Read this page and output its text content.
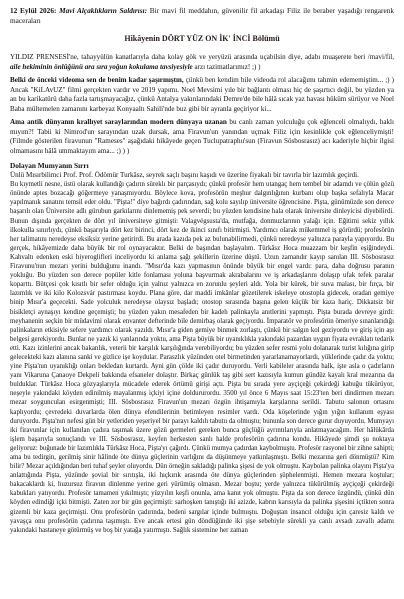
12 Eylül 2026: Mavi Alçaklıkların Saldırısı: Bir mavi fil meddahın, güvenilir fil arkadaşı Filiz ile beraber yaşadığı rengarenk maceraları

Hikâyenin DÖRT YÜZ ON İK' İNCİ Bölümü

YILDIZ PRENSESİ'ne, tahayyülün kanatlarıyla daha kolay gök ve yeryüzü arasında uçabilsin diye, adabı muaşerete beri /mavi/fil, aile hekiminin önlüğünü ara sıra yoğun kokulama tavsiyesiyle arzı tazimatlarımız! ;) )

Belki de önceki videoma sen de benim kadar şaşırmıştın, çünkü ben kendim bile videoda rol alacağımı tahmin edememiştim... ;) ) Ancak "KiLAvUZ" filmi gerçekten vardır ve 2019 yapımı. Noel Mevsimi yıle bir bağlantı olması hiç de şaşırtıcı değil, bu yüzden ya an bu karikatürü daha fazla tartışmayacağız, çünkü Antalya yakınlarındaki Demre'de bile hâlâ sıcak yaz havası hüküm sürüyor ve Noel Baba mültemelen zamanını karbeyaz Konyaaltı Sahili'nde buz gibi bir ayranla geçiriyor ki...

Ama antik dünyanın krallıyet saraylarından modern dünyaya uzanan bu canlı zaman yolculuğu çok eğlenceli olmalıydı, haklı mıyım?! Tabii ki Nimrod'un sarayından uzak dursak, ama Firavun'un yanından uçmak Filiz için kesinlikle çok eğlenceliymişti! (Filmde gösterilen firavunun "Rameses" aşağıdaki hikâyede geçen Tuclupatraphu'sun (Firavun Sösbosrasız) acı kaderiyle hiçbir ilgisi olmamasını hâlâ ummaktayım ama... ;) ) )

Dolayan Mumyanın Sırrı

Ünlü Mısırbilimci Prof. Prof. Ödömür Turkâsz, seyrek saçlı başını kaşıdı ve üzerine fiyakalı bir tavırla bir lazımlık geçirdi.

Bu kıymetli nesne, üstü olarak kullandığı çadırın süreklı bir parçasıydı; çünkü profesör hem utangaç hem tembel bir adamdı ve çölün gözü önünde aptes bozacağı göğermeye yanaşmıyordu. Böylece kova, profesörün meşhur dalgınlığının kurbanı olup başka sefalıyla Macar yapılmanık sanatını temsil eder oldu. "Pişta!" diye bağırdı çadırından, sağ kolu sayılıp üniversite öğrencisine. Pişta, günümüzde son derece başarılı olan Üniversite adlı gürubun garkılarını dinlememiş pek severdi; bu yüzden kendisine hala olarak üniversite dinleyicisi diyebilirdi. Bunun dışında gerçekten de dört yıl üniversiteye gitmişti: Valagvégsusta'da, mutfağa, donmuzlarının yalağı için. Eğitimi sekiz yıllık ilkokulla sınırlıydı, çünkü başarıyla dört kez birinci, dört kez de ikinci sınıfı bitirmişti. Yardımcı olarak mükemmel iş görürdü; profesörün her talimatını neredeyse eksiksiz yerine getirirdi. Bu arada kazıda pek az bulunabilirmedi, çünkü neredeyse yalnızca parayla yapıyordu. Bu gerçek, hikâyemizde daha büyük bir rol oynayacaktır. Belki de başından başlayalım. Türkâsz Hoca muazzam bir keşfin eşiğindeydi. Kahvaltı edenken eski hiyeroglifleri inceliyordu ki anlama şağı şekillerin üzerine düştü. Uzun zamandır kayıp sanılan III. Sösbosrasız Firavunu'nun mezarı yerini bulduğunu inandı. "Mısır'da kazı yapmasının önünde büyük bir engel vardı: para, daha doğrusu paranın yokluğu. Bu yüzden son derece popüler kitle fonlaması yoluna başvurmak akrabalarını ve iş arkadaşlarını dolaşıp ufak tefek paralar koparttı. Bütçesi çok kısıtlı bir sefer olduğu için yalnız yalnızca en zorunlu şeyleri aldı. Yola bir kürek, bir suva malası, bir fırça, bir lazımlık ve iki kilo Kolozsvár pastırması koydu. Plana göre, dar maddi imkânlar gözetilerek iskeleye otostopla gidecek, oradan gemiye binip Mısır'a geçecekti. Sade yolculuk neredeyse olaysız başladı; otostop sırasında başına gelen küçük bir kaza hariç. Dikkatsiz bir bisikletçi aynaşıyı kendine geçemişti; bu yüzden yakın mesafeden bir kadeh palinkayla anıtlerini yapmıştı. Pişta burada devreye girdi: meyhanenin seçkin bir müdavimi olarak envanter defterinde bile demirbaş olarak geçiyordu. İmparatör ve profesörün ömeriye sınanlarıdığı palinkaların etkisiyle sefere yardımcı olarak yazıldı. Mısır'a giden gemiye binmek zorlaştı, çünkü bir salgın kol geziyordu ve giriş için aşı belgesi gerekiyordu. Bunlar ne yazık ki yanlarında yoktu, ama Pişta büyük bir uyanıklıkla yakındaki pazardan uygun fiyata evraklatı tedarik etti. Kazı izinlerini ancak bakanlık, veterii bir karşılık karşılığında verebiliyordu; bu yüzden sefer resmi yolu dolanarak turist kılığına girip gelecekteki kazı alanına sanki ve gizlice işe koydular. Paraszlık yüzünden otel birmetinden yararlanamayorlardı, yüklerinde çadır da yoktu; yine Pişta'nın uyanıklığı onları bekledan kurtardı. Ayni gün çölde iki çadır duruyordu. Verli kabileler arasında halk, işte asla o çadırların yanı Vikaruna Çanaoye Dekpeli bakkında efsaneler dolaştır. Birkaç günlük taş gibi sert kazısıyla kumun gündüz kayalı kral mezarına da bulduklar. Türkâsz Hoca gözyaşlarıyla mücadele ederek örtümü girişi açtı. Pişta bu sırada yere ayçiçeği çekirdeği kabuğu tükürüyor, neşeyle yakındaki köyden edinilmiş mayalanmış içkiyi içine doldururordu. 3500 yıl önce 6 Mayıs saat 15:23'ten beri dindirmen mezarı mezar soygunculan esirgenmişti; III. Sösbosrasız Firavun'un mezarı özgün ihtişamıyla karşılarına serildi. Tabutu salonun ortasını kaplıyordu; çevredeki duvarlarda ölen dünya efendilerinin betimleyen resimler vardı. Oda köşelerinde yığın yığın kullanım eşyası duruyordu. Pişta'nın nefesi gün bir yetleriden yeşeriyel bir parayı kaldılı tabutu da olmuştu; bununla son derece gurur duyuyordu. Mumyayı iki firavunlar için kullanılan çadıra taşımak üzere gözü germeleri gereken bunca güçlüğü ayrıntılarıyla anlatmayacağım. Her hâlükârda işlem başarıyla sonuçlandı ve III. Sösbosrasız, keyfen herkesten sanlı halde profesörün çadırına kondu. Hikâyede şimdi şu noktaya geliyoruz: buğunade bir lazımlıkla Türkâsz Hoca, Pişta'yı çağırdı. Çünkü mumya çadırdan kaybolmuştu. Profesör rasyonel bir zihne sahipti; ama bu tedirgin, gerilmiş sinir hâlinde öte dünya güçlerinin varlığını da düşünmeye yatkınlaşmıştı. Belki mezarına geri dönmüştü? Kim bilir? Mezar açıldığından beri tuhaf şeyler oluyordu. Dün örneğin sakladığı palinka şişesi de yok olmuştu. Kaybolan palinka olayını Pişta'ya anlattığında Pişta, yüzünde şovial bir sırıtışla, iki hıçkırık arasında öte dünya güçlerinden şüphelenmişti. Hemen mezara koştular; bakacaklardı ki, huzursuz firavun dinlenme yerine geri yürümüş olmasın. Mezar boştu; yerde yalnızca tükürülmüş ayçiçeği çekirdeği kabukları yatıyordu. Profesör tamamen yıkılmıştı; yüzyılın keşfi onunla, ama kanıt yok olmuştu. Pişta da son derece üzgündü, çünkü dün köyden edindiği içki bitmişti. Zaten zor bir gün geçirmişti: sarhoşken tanıştığı iki azizde, kabrın karısıyla da palinka şişesini içtikten sonra gizemli bir kaza geçirmişti. Onu profesörün çadırında, bedeni sargılar içinde bulmuştu. Doğuştan insancıl olduğu için çaresiz kaldı ve yavaşça onu profesörün çadırına taşımıştı. Eve ancak ertesi gün döndüğünde iki şişe sebebiyle sürekli ya canlı avsadı zavallı adamı yakındaki hastaneye götürmüş ve boş bir yatağa yatırmıştı. Sağlık sistemine her zaman
